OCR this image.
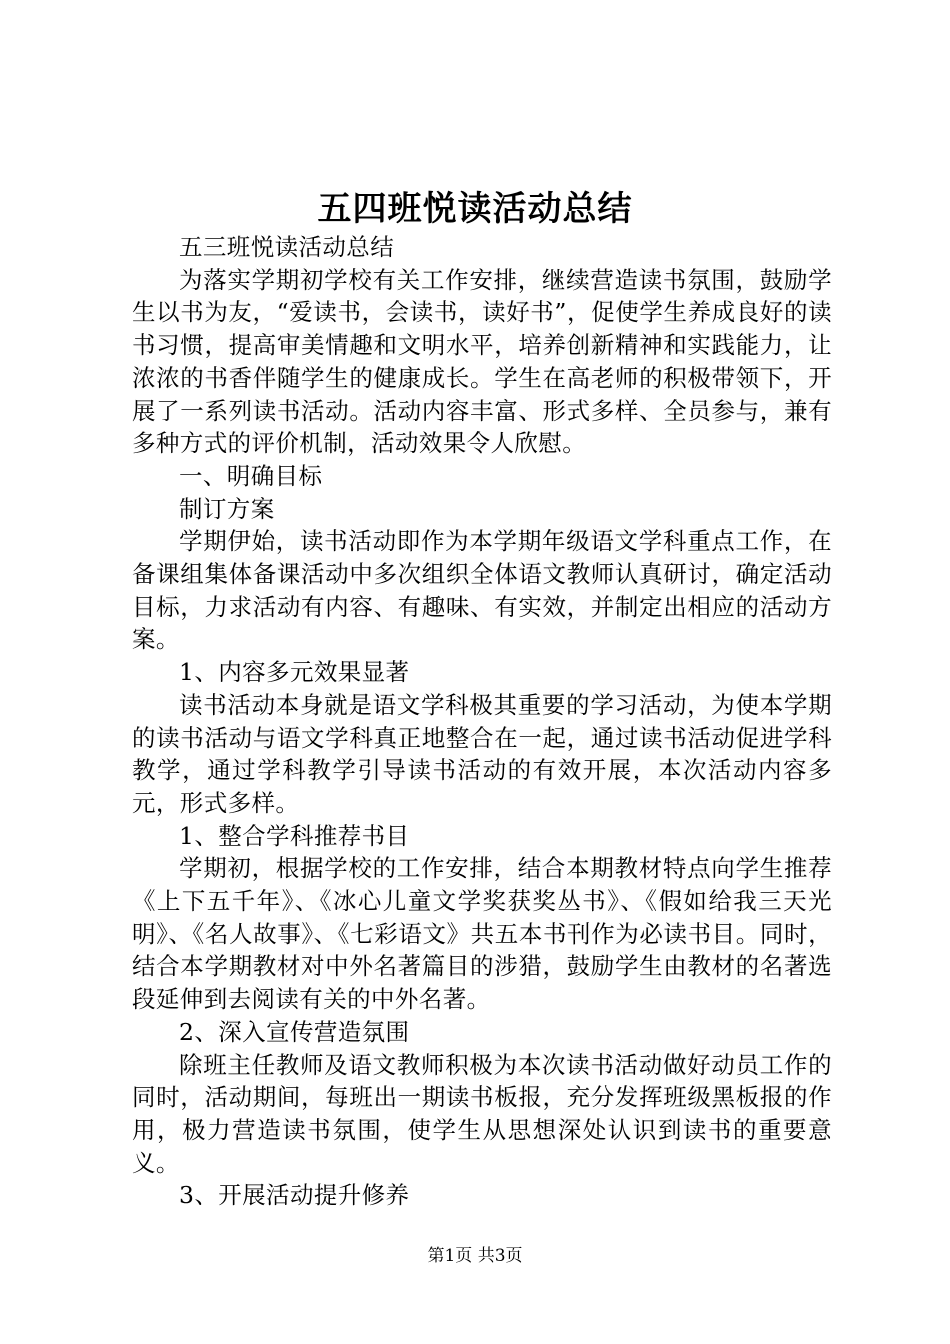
五四班悦读活动总结

五三班悦读活动总结

为落实学期初学校有关工作安排，继续营造读书氛围，鼓励学生以书为友，“爱读书，会读书，读好书”，促使学生养成良好的读书习惯，提高审美情趣和文明水平，培养创新精神和实践能力，让浓浓的书香伴随学生的健康成长。学生在高老师的积极带领下，开展了一系列读书活动。活动内容丰富、形式多样、全员参与，兼有多种方式的评价机制，活动效果令人欣慰。

一、明确目标

制订方案

学期伊始，读书活动即作为本学期年级语文学科重点工作，在备课组集体备课活动中多次组织全体语文教师认真研讨，确定活动目标，力求活动有内容、有趣味、有实效，并制定出相应的活动方案。

1、内容多元效果显著

读书活动本身就是语文学科极其重要的学习活动，为使本学期的读书活动与语文学科真正地整合在一起，通过读书活动促进学科教学，通过学科教学引导读书活动的有效开展，本次活动内容多元，形式多样。

1、整合学科推荐书目

学期初，根据学校的工作安排，结合本期教材特点向学生推荐《上下五千年》、《冰心儿童文学奖获奖丛书》、《假如给我三天光明》、《名人故事》、《七彩语文》共五本书刊作为必读书目。同时，结合本学期教材对中外名著篇目的涉猎，鼓励学生由教材的名著选段延伸到去阅读有关的中外名著。

2、深入宣传营造氛围

除班主任教师及语文教师积极为本次读书活动做好动员工作的同时，活动期间，每班出一期读书板报，充分发挥班级黑板报的作用，极力营造读书氛围，使学生从思想深处认识到读书的重要意义。

3、开展活动提升修养

第1页 共3页
